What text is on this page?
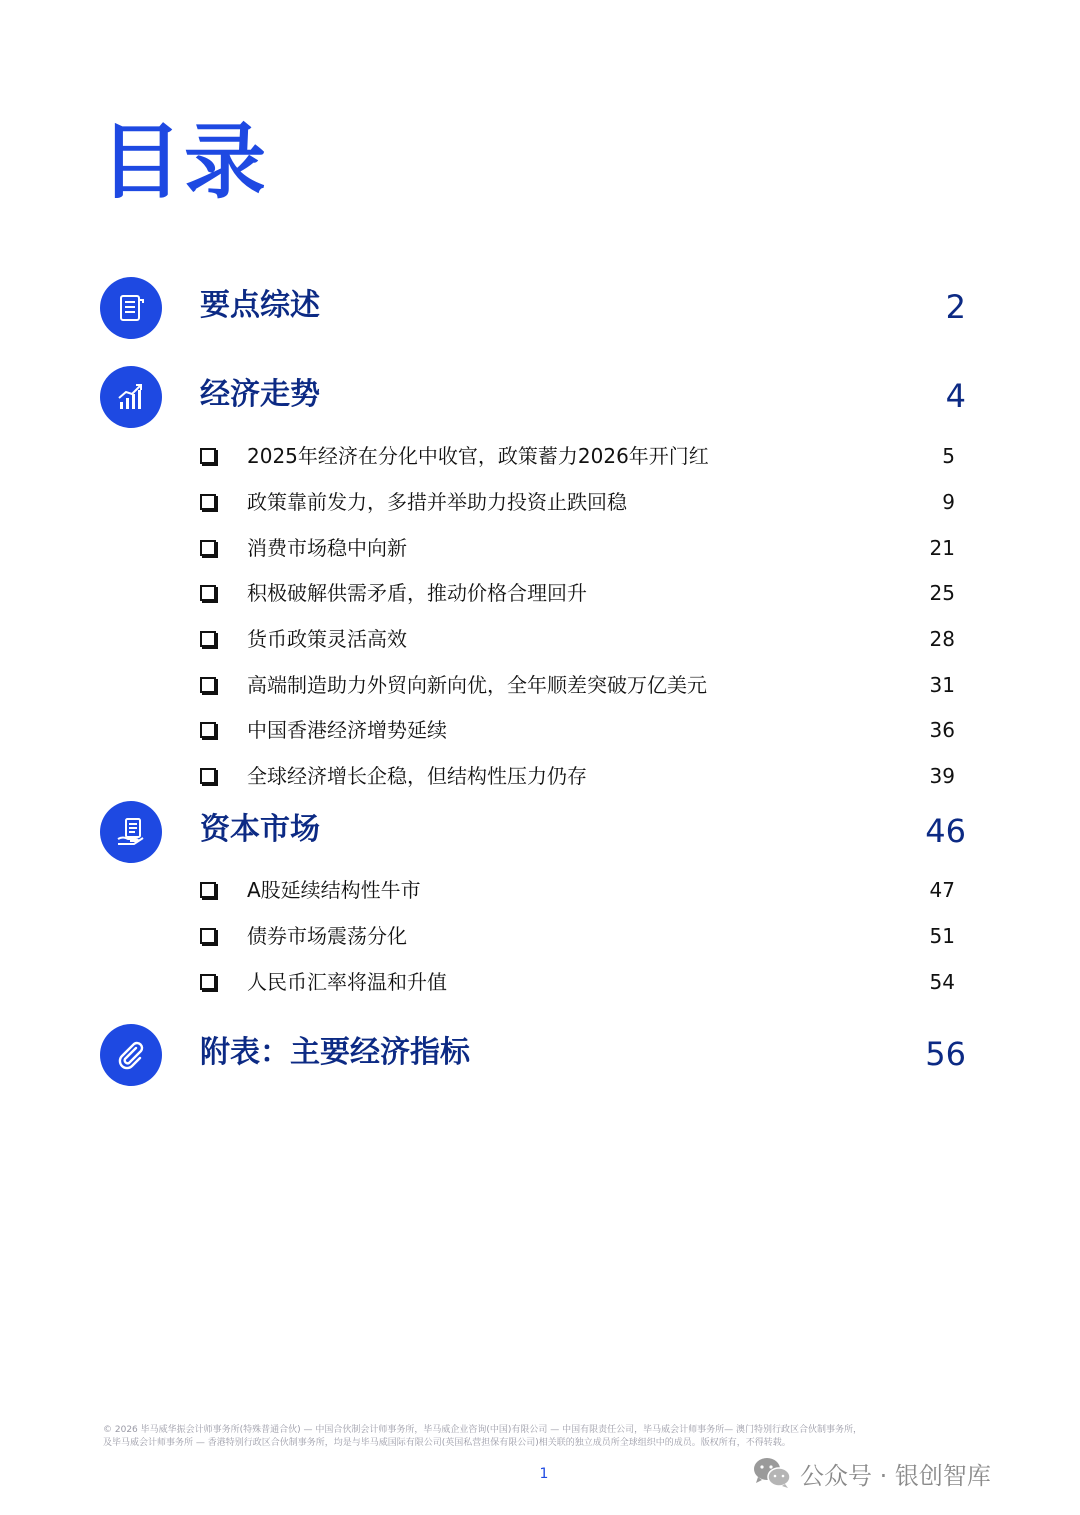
目录
要点综述	2
经济走势	4
2025年经济在分化中收官，政策蓄力2026年开门红	5
政策靠前发力，多措并举助力投资止跌回稳	9
消费市场稳中向新	21
积极破解供需矛盾，推动价格合理回升	25
货币政策灵活高效	28
高端制造助力外贸向新向优，全年顺差突破万亿美元	31
中国香港经济增势延续	36
全球经济增长企稳，但结构性压力仍存	39
资本市场	46
A股延续结构性牛市	47
债券市场震荡分化	51
人民币汇率将温和升值	54
附表：主要经济指标	56
© 2026 毕马威华振会计师事务所(特殊普通合伙) — 中国合伙制会计师事务所，毕马威企业咨询(中国)有限公司 — 中国有限责任公司，毕马威会计师事务所— 澳门特别行政区合伙制事务所，
及毕马威会计师事务所 — 香港特别行政区合伙制事务所，均是与毕马威国际有限公司(英国私营担保有限公司)相关联的独立成员所全球组织中的成员。版权所有，不得转载。
1	公众号 · 银创智库
